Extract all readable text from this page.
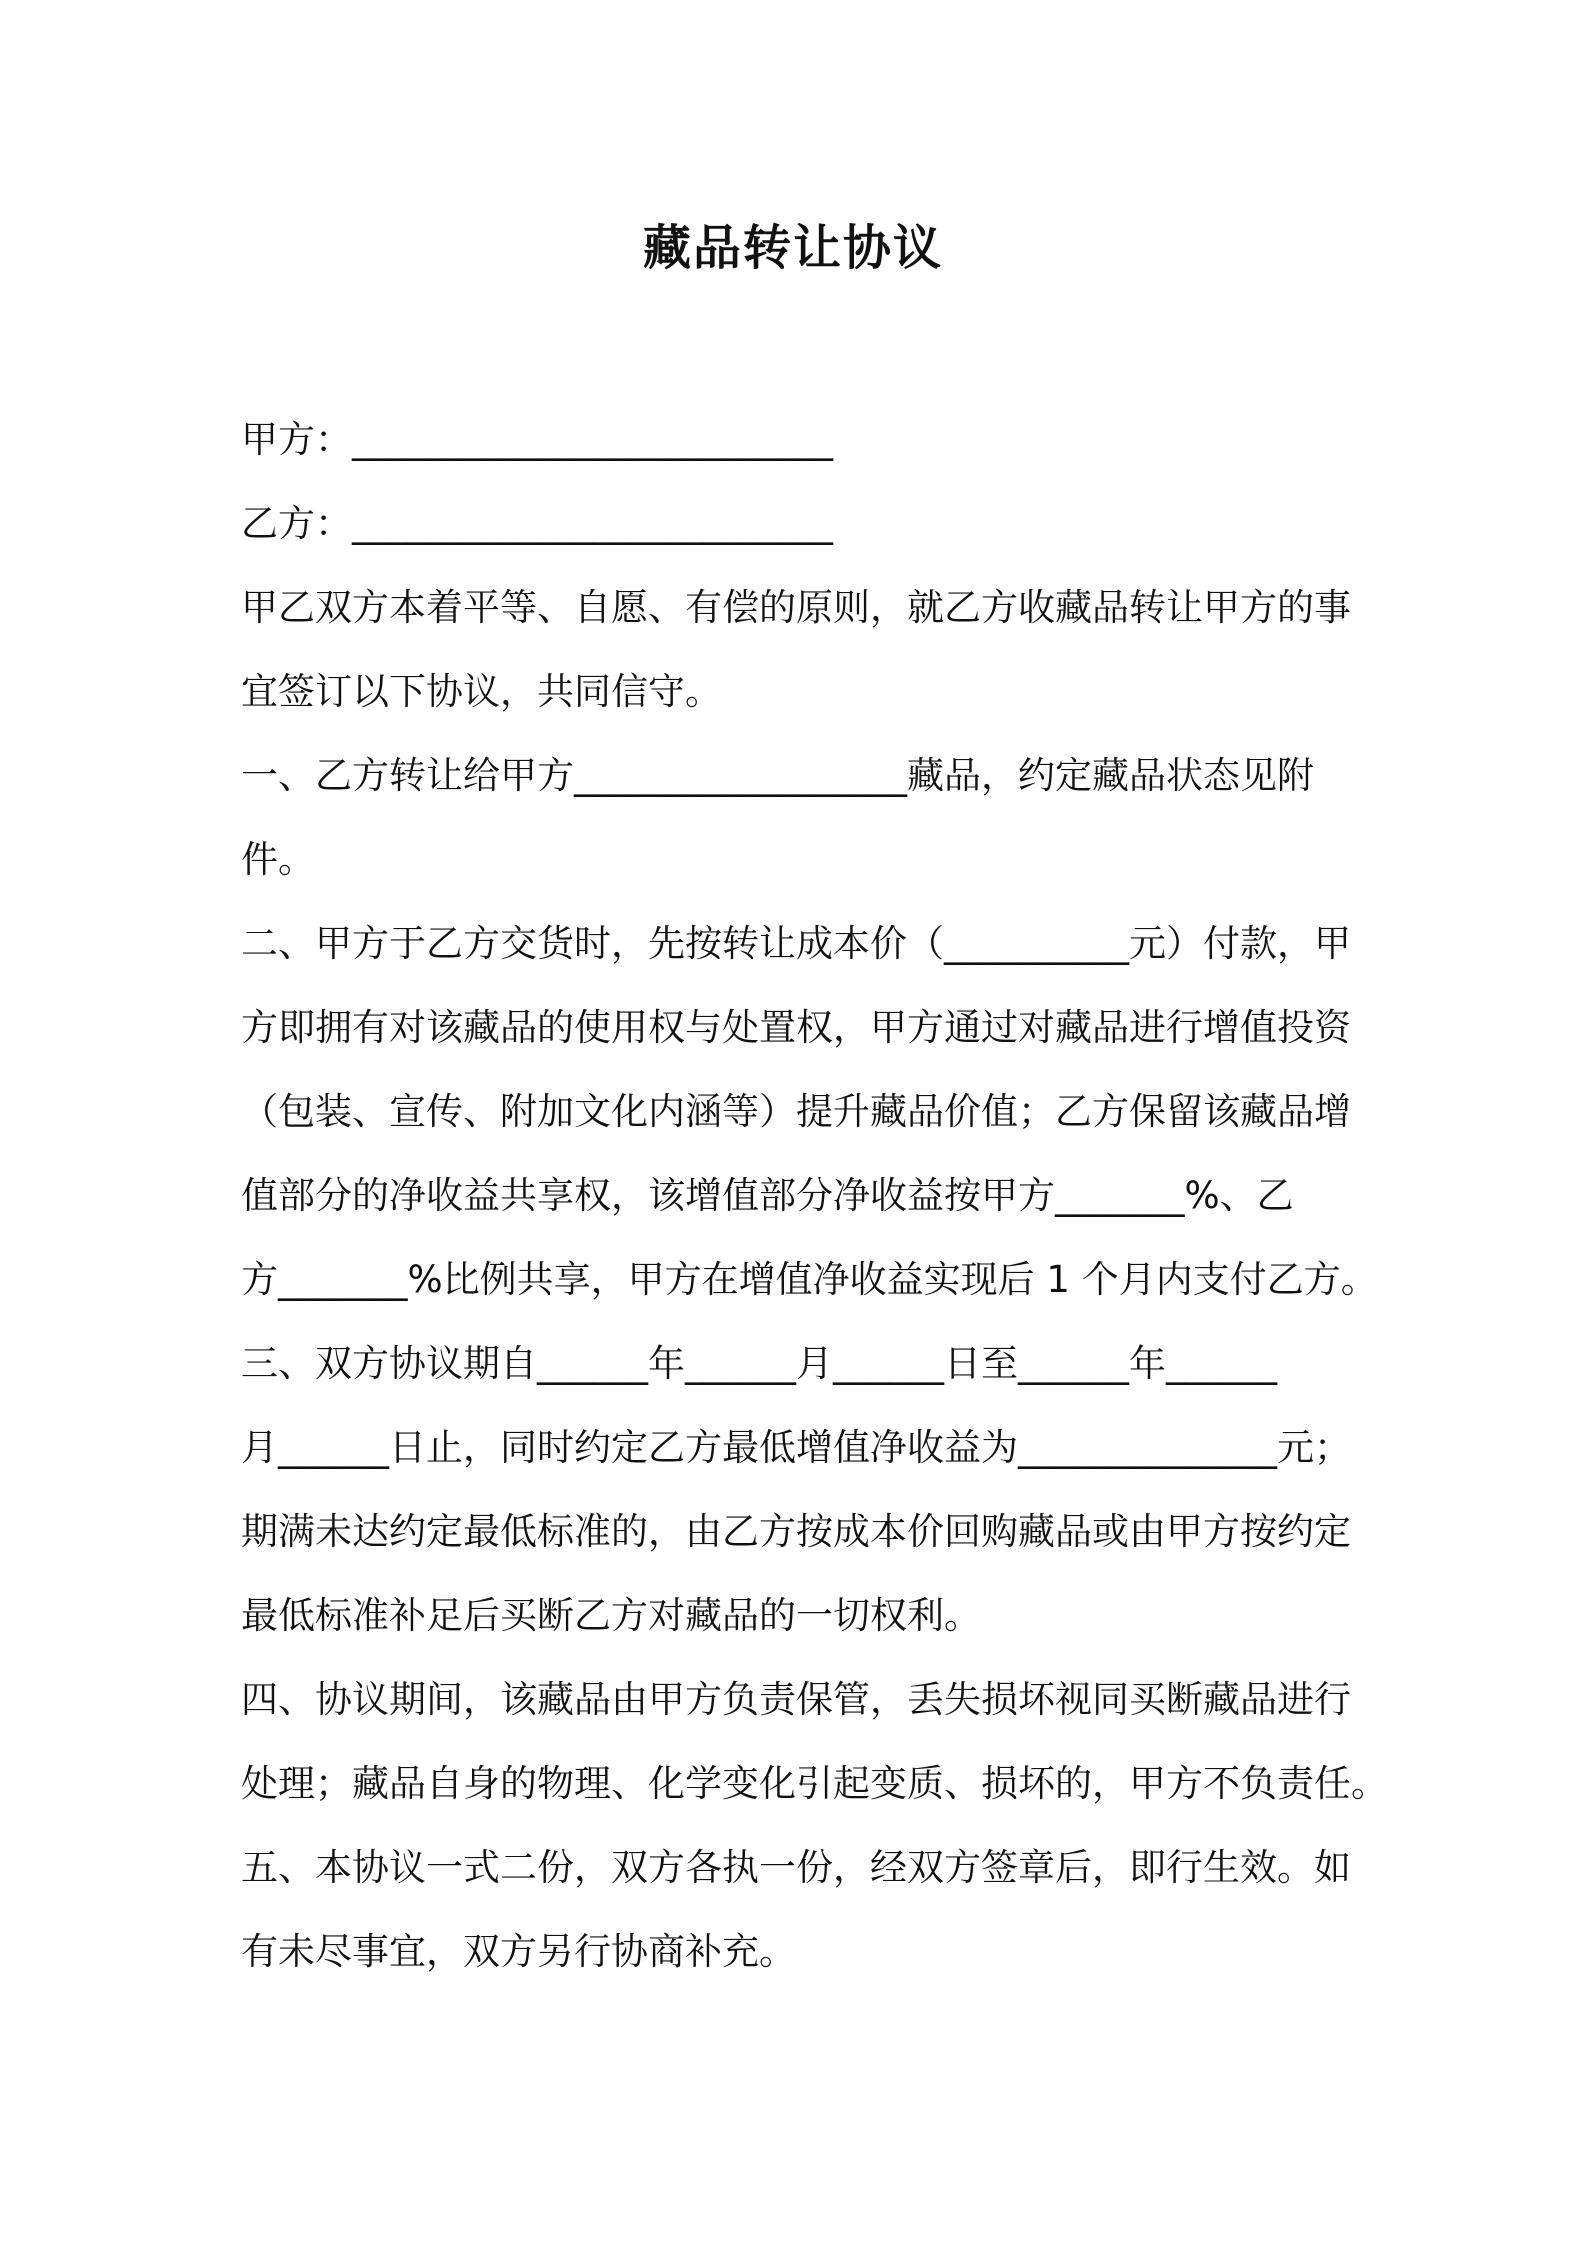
藏品转让协议
甲方：__________________________
乙方：__________________________
甲乙双方本着平等、自愿、有偿的原则，就乙方收藏品转让甲方的事
宜签订以下协议，共同信守。
一、乙方转让给甲方__________________藏品，约定藏品状态见附
件。
二、甲方于乙方交货时，先按转让成本价（__________元）付款，甲
方即拥有对该藏品的使用权与处置权，甲方通过对藏品进行增值投资
（包装、宣传、附加文化内涵等）提升藏品价值；乙方保留该藏品增
值部分的净收益共享权，该增值部分净收益按甲方_______%、乙
方_______%比例共享，甲方在增值净收益实现后 1 个月内支付乙方。
三、双方协议期自______年______月______日至______年______
月______日止，同时约定乙方最低增值净收益为______________元；
期满未达约定最低标准的，由乙方按成本价回购藏品或由甲方按约定
最低标准补足后买断乙方对藏品的一切权利。
四、协议期间，该藏品由甲方负责保管，丢失损坏视同买断藏品进行
处理；藏品自身的物理、化学变化引起变质、损坏的，甲方不负责任。
五、本协议一式二份，双方各执一份，经双方签章后，即行生效。如
有未尽事宜，双方另行协商补充。
